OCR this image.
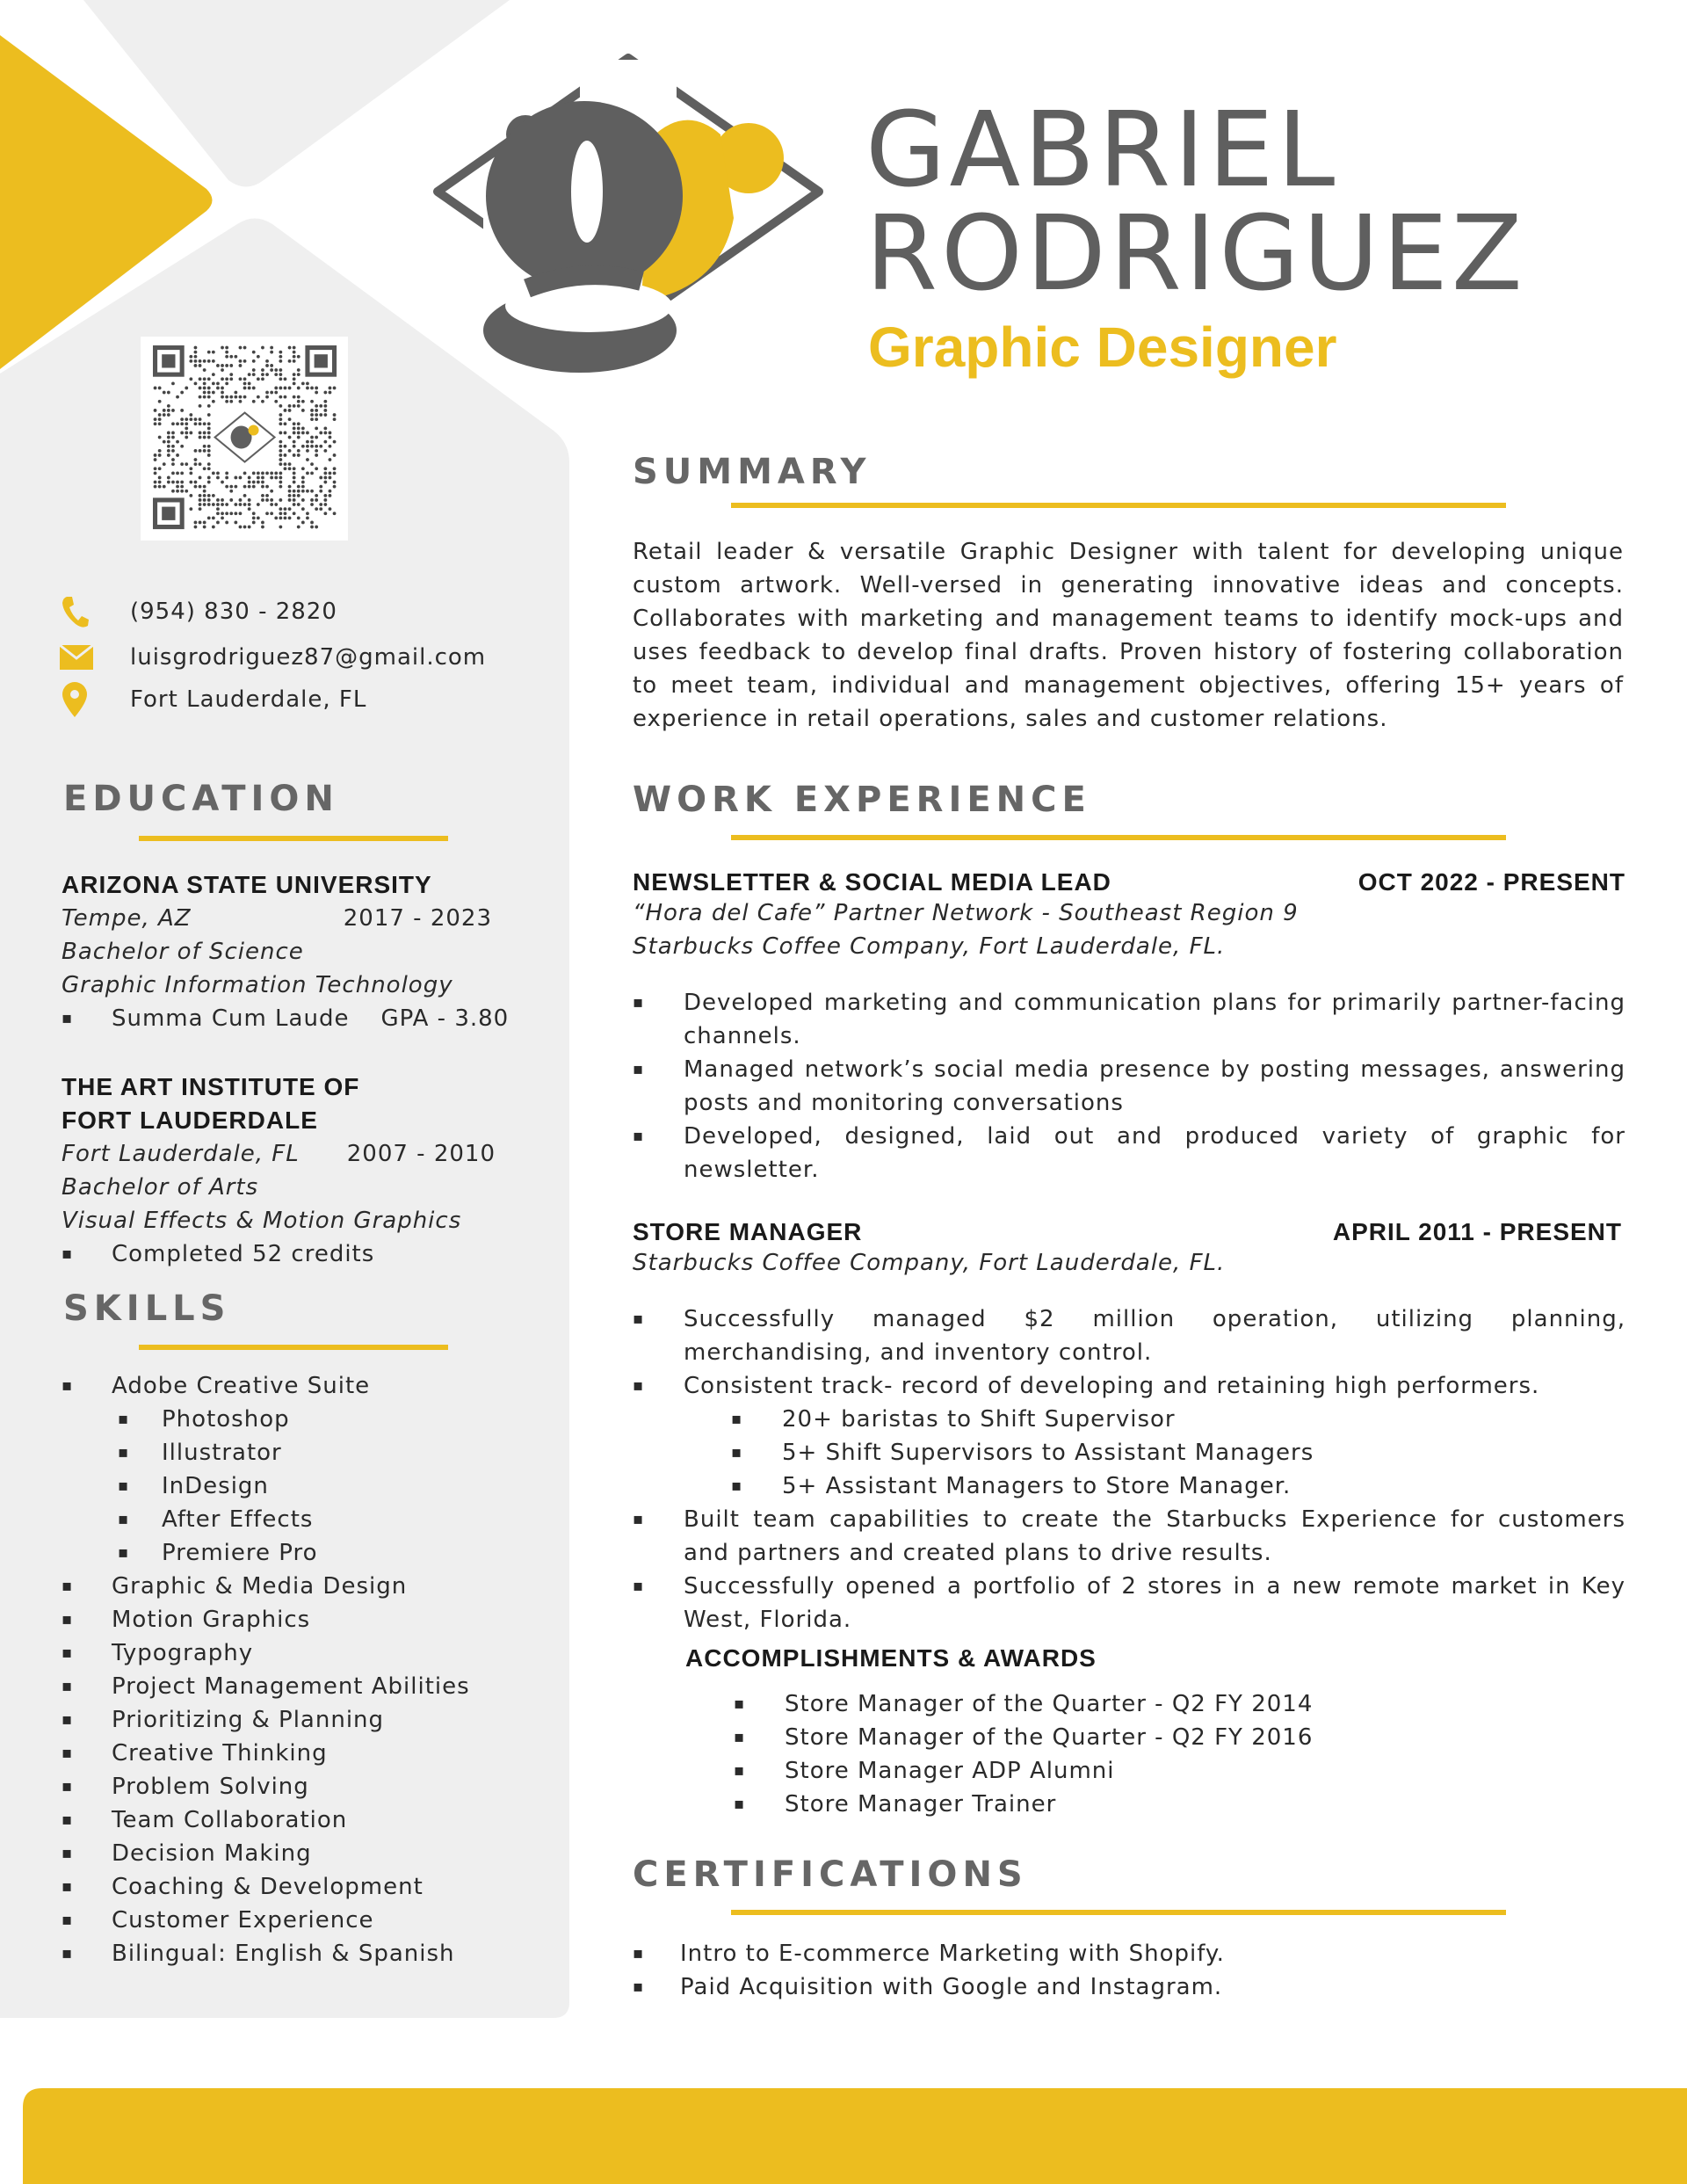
GABRIEL
RODRIGUEZ
Graphic Designer
(954) 830 - 2820
luisgrodriguez87@gmail.com
Fort Lauderdale, FL
EDUCATION
ARIZONA STATE UNIVERSITY
Tempe, AZ	2017 - 2023
Bachelor of Science
Graphic Information Technology
▪ Summa Cum Laude GPA - 3.80
THE ART INSTITUTE OF
FORT LAUDERDALE
Fort Lauderdale, FL 2007 - 2010
Bachelor of Arts
Visual Effects & Motion Graphics
▪ Completed 52 credits
SKILLS
▪ Adobe Creative Suite
▪ Photoshop
▪ Illustrator
▪ InDesign
▪ After Effects
▪ Premiere Pro
▪ Graphic & Media Design
▪ Motion Graphics
▪ Typography
▪ Project Management Abilities
▪ Prioritizing & Planning
▪ Creative Thinking
▪ Problem Solving
▪ Team Collaboration
▪ Decision Making
▪ Coaching & Development
▪ Customer Experience
▪ Bilingual: English & Spanish
SUMMARY
Retail leader & versatile Graphic Designer with talent for developing unique custom artwork. Well-versed in generating innovative ideas and concepts. Collaborates with marketing and management teams to identify mock-ups and uses feedback to develop final drafts. Proven history of fostering collaboration to meet team, individual and management objectives, offering 15+ years of experience in retail operations, sales and customer relations.
WORK EXPERIENCE
NEWSLETTER & SOCIAL MEDIA LEAD	OCT 2022 - PRESENT
“Hora del Cafe” Partner Network - Southeast Region 9
Starbucks Coffee Company, Fort Lauderdale, FL.
▪ Developed marketing and communication plans for primarily partner-facing channels.
▪ Managed network’s social media presence by posting messages, answering posts and monitoring conversations
▪ Developed, designed, laid out and produced variety of graphic for newsletter.
STORE MANAGER	APRIL 2011 - PRESENT
Starbucks Coffee Company, Fort Lauderdale, FL.
▪ Successfully managed $2 million operation, utilizing planning, merchandising, and inventory control.
▪ Consistent track- record of developing and retaining high performers.
▪ 20+ baristas to Shift Supervisor
▪ 5+ Shift Supervisors to Assistant Managers
▪ 5+ Assistant Managers to Store Manager.
▪ Built team capabilities to create the Starbucks Experience for customers and partners and created plans to drive results.
▪ Successfully opened a portfolio of 2 stores in a new remote market in Key West, Florida.
ACCOMPLISHMENTS & AWARDS
▪ Store Manager of the Quarter - Q2 FY 2014
▪ Store Manager of the Quarter - Q2 FY 2016
▪ Store Manager ADP Alumni
▪ Store Manager Trainer
CERTIFICATIONS
▪ Intro to E-commerce Marketing with Shopify.
▪ Paid Acquisition with Google and Instagram.
